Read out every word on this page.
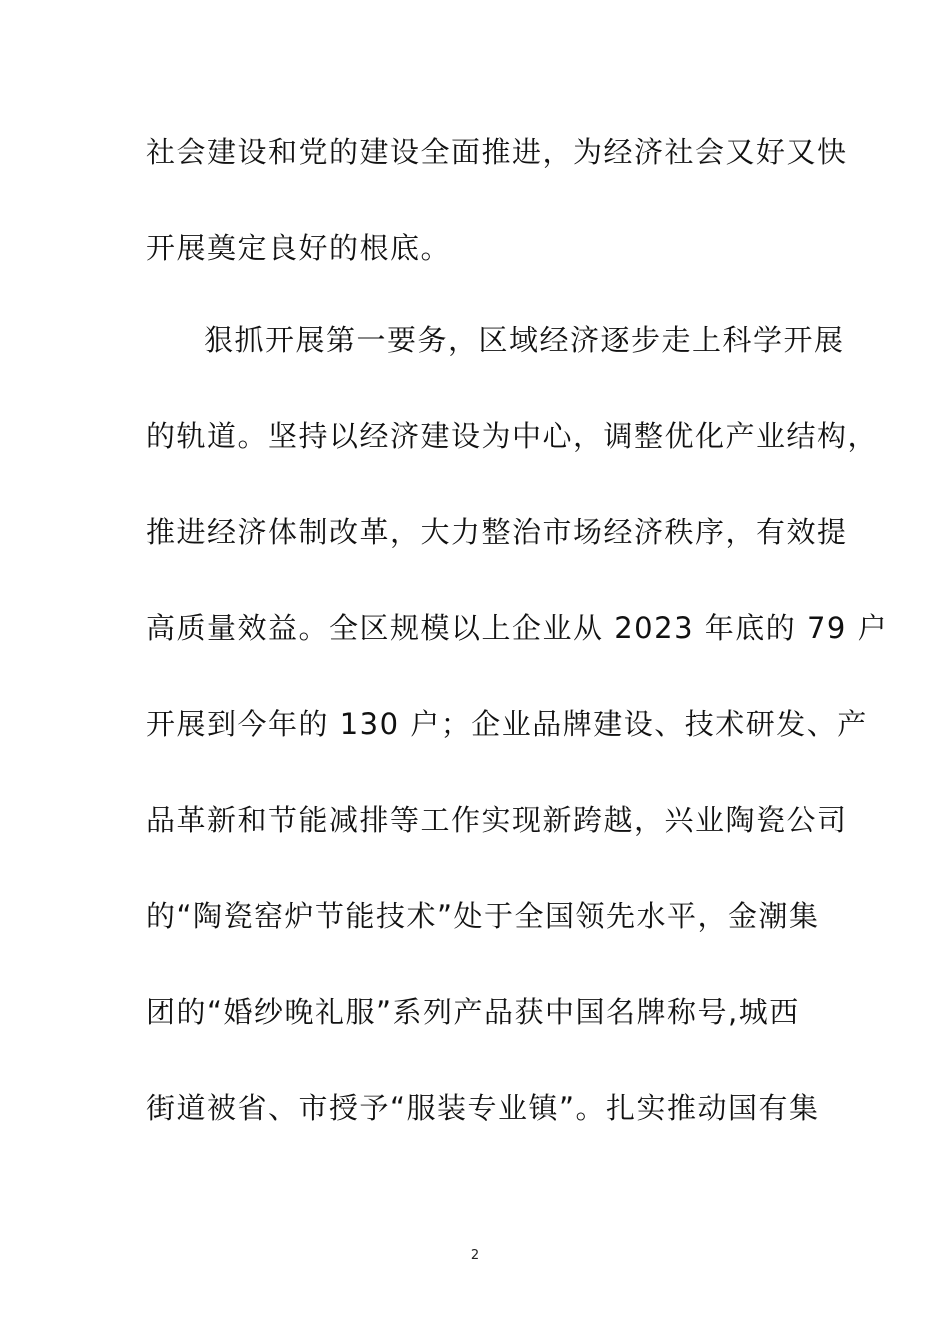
社会建设和党的建设全面推进，为经济社会又好又快
开展奠定良好的根底。
狠抓开展第一要务，区域经济逐步走上科学开展
的轨道。坚持以经济建设为中心，调整优化产业结构，
推进经济体制改革，大力整治市场经济秩序，有效提
高质量效益。全区规模以上企业从 2023 年底的 79 户
开展到今年的 130 户；企业品牌建设、技术研发、产
品革新和节能减排等工作实现新跨越，兴业陶瓷公司
的“陶瓷窑炉节能技术”处于全国领先水平，金潮集
团的“婚纱晚礼服”系列产品获中国名牌称号,城西
街道被省、市授予“服装专业镇”。扎实推动国有集
2
